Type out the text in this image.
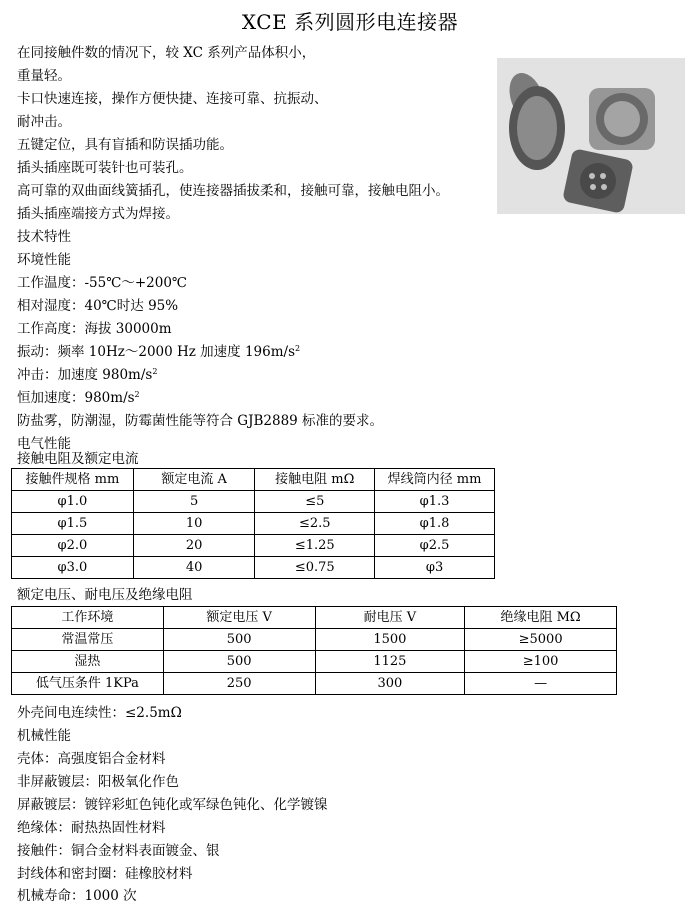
XCE 系列圆形电连接器
在同接触件数的情况下，较 XC 系列产品体积小，
重量轻。
卡口快速连接，操作方便快捷、连接可靠、抗振动、
耐冲击。
五键定位，具有盲插和防误插功能。
插头插座既可装针也可装孔。
高可靠的双曲面线簧插孔，使连接器插拔柔和，接触可靠，接触电阻小。
插头插座端接方式为焊接。
技术特性
环境性能
工作温度：-55℃～+200℃
相对湿度：40℃时达 95%
工作高度：海拔 30000m
振动：频率 10Hz～2000 Hz 加速度 $196m/s^2$
冲击：加速度 $980m/s^2$
恒加速度：$980m/s^2$
防盐雾，防潮湿，防霉菌性能等符合 GJB2889 标准的要求。
电气性能
接触电阻及额定电流
接触件规格 mm	额定电流 A	接触电阻 mΩ	焊线筒内径 mm
φ1.0	5	≤5	φ1.3
φ1.5	10	≤2.5	φ1.8
φ2.0	20	≤1.25	φ2.5
φ3.0	40	≤0.75	φ3
额定电压、耐电压及绝缘电阻
工作环境	额定电压 V	耐电压 V	绝缘电阻 MΩ
常温常压	500	1500	≥5000
湿热	500	1125	≥100
低气压条件 1KPa	250	300	—
外壳间电连续性：≤2.5mΩ
机械性能
壳体：高强度铝合金材料
非屏蔽镀层：阳极氧化作色
屏蔽镀层：镀锌彩虹色钝化或军绿色钝化、化学镀镍
绝缘体：耐热热固性材料
接触件：铜合金材料表面镀金、银
封线体和密封圈：硅橡胶材料
机械寿命：1000 次
